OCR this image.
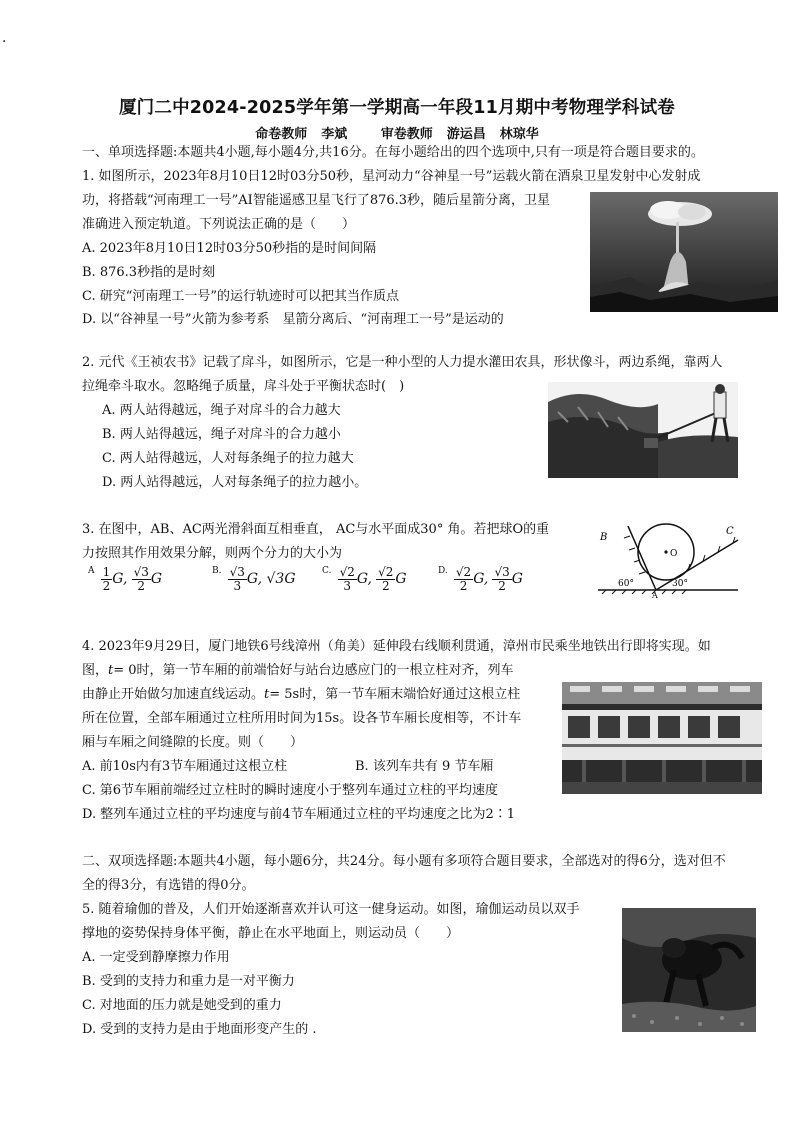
·
厦门二中2024-2025学年第一学期高一年段11月期中考物理学科试卷
命卷教师 李斌	审卷教师 游运昌 林琼华
一、单项选择题:本题共4小题,每小题4分,共16分。在每小题给出的四个选项中,只有一项是符合题目要求的。
1. 如图所示，2023年8月10日12时03分50秒，星河动力“谷神星一号”运载火箭在酒泉卫星发射中心发射成
功，将搭载“河南理工一号”AI智能遥感卫星飞行了876.3秒，随后星箭分离，卫星
准确进入预定轨道。下列说法正确的是（　　）
A. 2023年8月10日12时03分50秒指的是时间间隔
B. 876.3秒指的是时刻
C. 研究“河南理工一号”的运行轨迹时可以把其当作质点
D. 以“谷神星一号”火箭为参考系　星箭分离后、“河南理工一号”是运动的
2. 元代《王祯农书》记载了戽斗，如图所示，它是一种小型的人力提水灌田农具，形状像斗，两边系绳，靠两人
拉绳牵斗取水。忽略绳子质量，戽斗处于平衡状态时(　)
A. 两人站得越远，绳子对戽斗的合力越大
B. 两人站得越远，绳子对戽斗的合力越小
C. 两人站得越远，人对每条绳子的拉力越大
D. 两人站得越远，人对每条绳子的拉力越小。
3. 在图中，AB、AC两光滑斜面互相垂直， AC与水平面成30° 角。若把球O的重
力按照其作用效果分解，则两个分力的大小为
$^A \frac{1}{2} G$, $\frac{√3}{2}$ G	$^{B.} \frac{√3}{3} G$, √3G	$^{C.} \frac{√2}{3} G$, $\frac{√2}{2}$ G	$^{D.} \frac{√2}{2} G$, $\frac{√3}{2}$ G
O
B
C
A
60°	30°
4. 2023年9月29日，厦门地铁6号线漳州（角美）延伸段右线顺利贯通，漳州市民乘坐地铁出行即将实现。如
图，t= 0时，第一节车厢的前端恰好与站台边感应门的一根立柱对齐，列车
由静止开始做匀加速直线运动。t= 5s时，第一节车厢末端恰好通过这根立柱
所在位置，全部车厢通过立柱所用时间为15s。设各节车厢长度相等，不计车
厢与车厢之间缝隙的长度。则（　　）
A. 前10s内有3节车厢通过这根立柱	B. 该列车共有 9 节车厢
C. 第6节车厢前端经过立柱时的瞬时速度小于整列车通过立柱的平均速度
D. 整列车通过立柱的平均速度与前4节车厢通过立柱的平均速度之比为2∶1
二、双项选择题:本题共4小题，每小题6分，共24分。每小题有多项符合题目要求，全部选对的得6分，选对但不
全的得3分，有选错的得0分。
5. 随着瑜伽的普及，人们开始逐渐喜欢并认可这一健身运动。如图，瑜伽运动员以双手
撑地的姿势保持身体平衡，静止在水平地面上，则运动员（　　）
A. 一定受到静摩擦力作用
B. 受到的支持力和重力是一对平衡力
C. 对地面的压力就是她受到的重力
D. 受到的支持力是由于地面形变产生的 .
